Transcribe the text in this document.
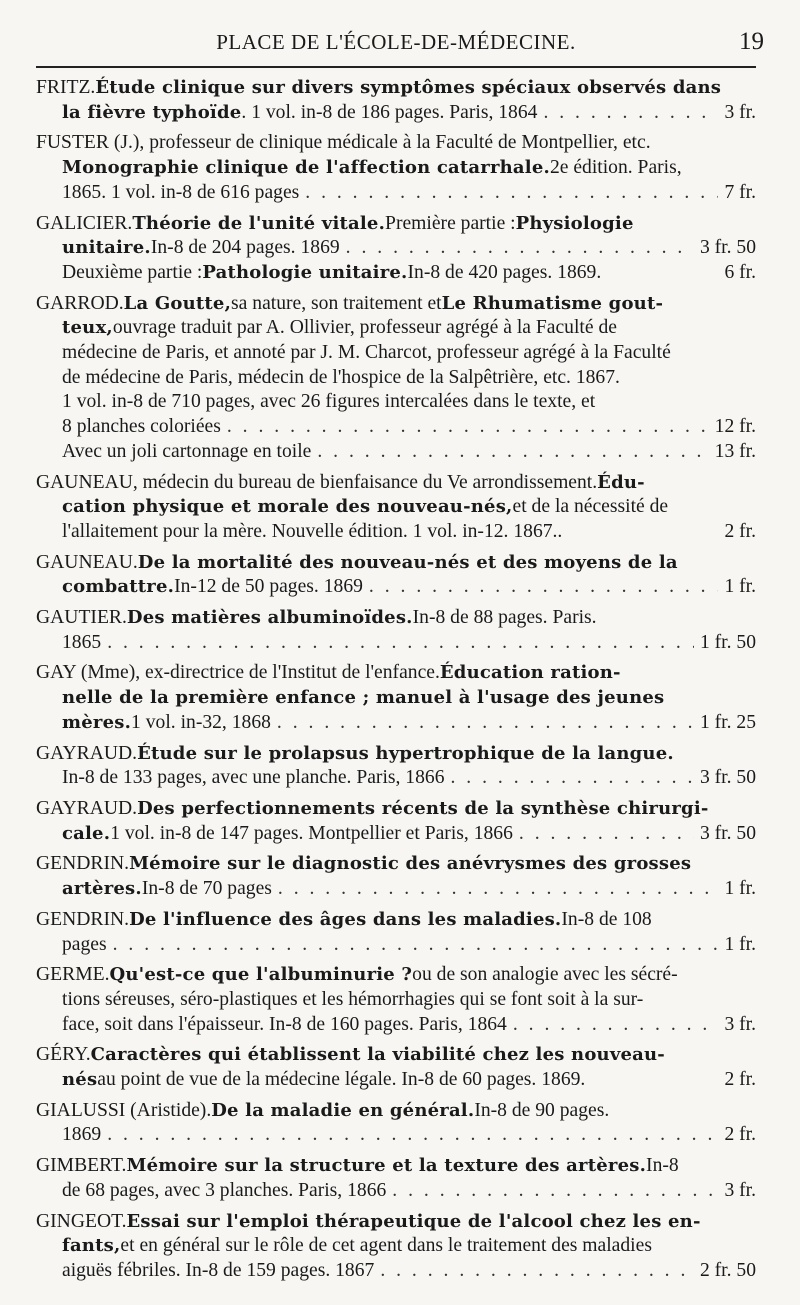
PLACE DE L'ÉCOLE-DE-MÉDECINE.	19
FRITZ. Étude clinique sur divers symptômes spéciaux observés dans
la fièvre typhoïde . 1 vol. in-8 de 186 pages. Paris, 1864 . . .	3 fr.
FUSTER (J.), professeur de clinique médicale à la Faculté de Montpellier, etc.
Monographie clinique de l'affection catarrhale. 2e édition. Paris,
1865. 1 vol. in-8 de 616 pages . . .	7 fr.
GALICIER. Théorie de l'unité vitale. Première partie : Physiologie
unitaire. In-8 de 204 pages. 1869 . . .	3 fr. 50
Deuxième partie : Pathologie unitaire. In-8 de 420 pages. 1869.	6 fr.
GARROD. La Goutte, sa nature, son traitement et Le Rhumatisme gout-
teux, ouvrage traduit par A. Ollivier, professeur agrégé à la Faculté de
médecine de Paris, et annoté par J. M. Charcot, professeur agrégé à la Faculté
de médecine de Paris, médecin de l'hospice de la Salpêtrière, etc. 1867.
1 vol. in-8 de 710 pages, avec 26 figures intercalées dans le texte, et
8 planches coloriées . . .	12 fr.
Avec un joli cartonnage en toile . . .	13 fr.
GAUNEAU, médecin du bureau de bienfaisance du Ve arrondissement. Édu-
cation physique et morale des nouveau-nés, et de la nécessité de
l'allaitement pour la mère. Nouvelle édition. 1 vol. in-12. 1867..	2 fr.
GAUNEAU. De la mortalité des nouveau-nés et des moyens de la
combattre. In-12 de 50 pages. 1869 . . .	1 fr.
GAUTIER. Des matières albuminoïdes. In-8 de 88 pages. Paris.
1865 . . .	1 fr. 50
GAY (Mme), ex-directrice de l'Institut de l'enfance. Éducation ration-
nelle de la première enfance ; manuel à l'usage des jeunes
mères. 1 vol. in-32, 1868 . . .	1 fr. 25
GAYRAUD. Étude sur le prolapsus hypertrophique de la langue.
In-8 de 133 pages, avec une planche. Paris, 1866 . . .	3 fr. 50
GAYRAUD. Des perfectionnements récents de la synthèse chirurgi-
cale. 1 vol. in-8 de 147 pages. Montpellier et Paris, 1866 . . .	3 fr. 50
GENDRIN. Mémoire sur le diagnostic des anévrysmes des grosses
artères. In-8 de 70 pages . . .	1 fr.
GENDRIN. De l'influence des âges dans les maladies. In-8 de 108
pages . . .	1 fr.
GERME. Qu'est-ce que l'albuminurie ? ou de son analogie avec les sécré-
tions séreuses, séro-plastiques et les hémorrhagies qui se font soit à la sur-
face, soit dans l'épaisseur. In-8 de 160 pages. Paris, 1864 . . .	3 fr.
GÉRY. Caractères qui établissent la viabilité chez les nouveau-
nés au point de vue de la médecine légale. In-8 de 60 pages. 1869.	2 fr.
GIALUSSI (Aristide). De la maladie en général. In-8 de 90 pages.
1869 . . .	2 fr.
GIMBERT. Mémoire sur la structure et la texture des artères. In-8
de 68 pages, avec 3 planches. Paris, 1866 . . .	3 fr.
GINGEOT. Essai sur l'emploi thérapeutique de l'alcool chez les en-
fants, et en général sur le rôle de cet agent dans le traitement des maladies
aiguës fébriles. In-8 de 159 pages. 1867 . . .	2 fr. 50
